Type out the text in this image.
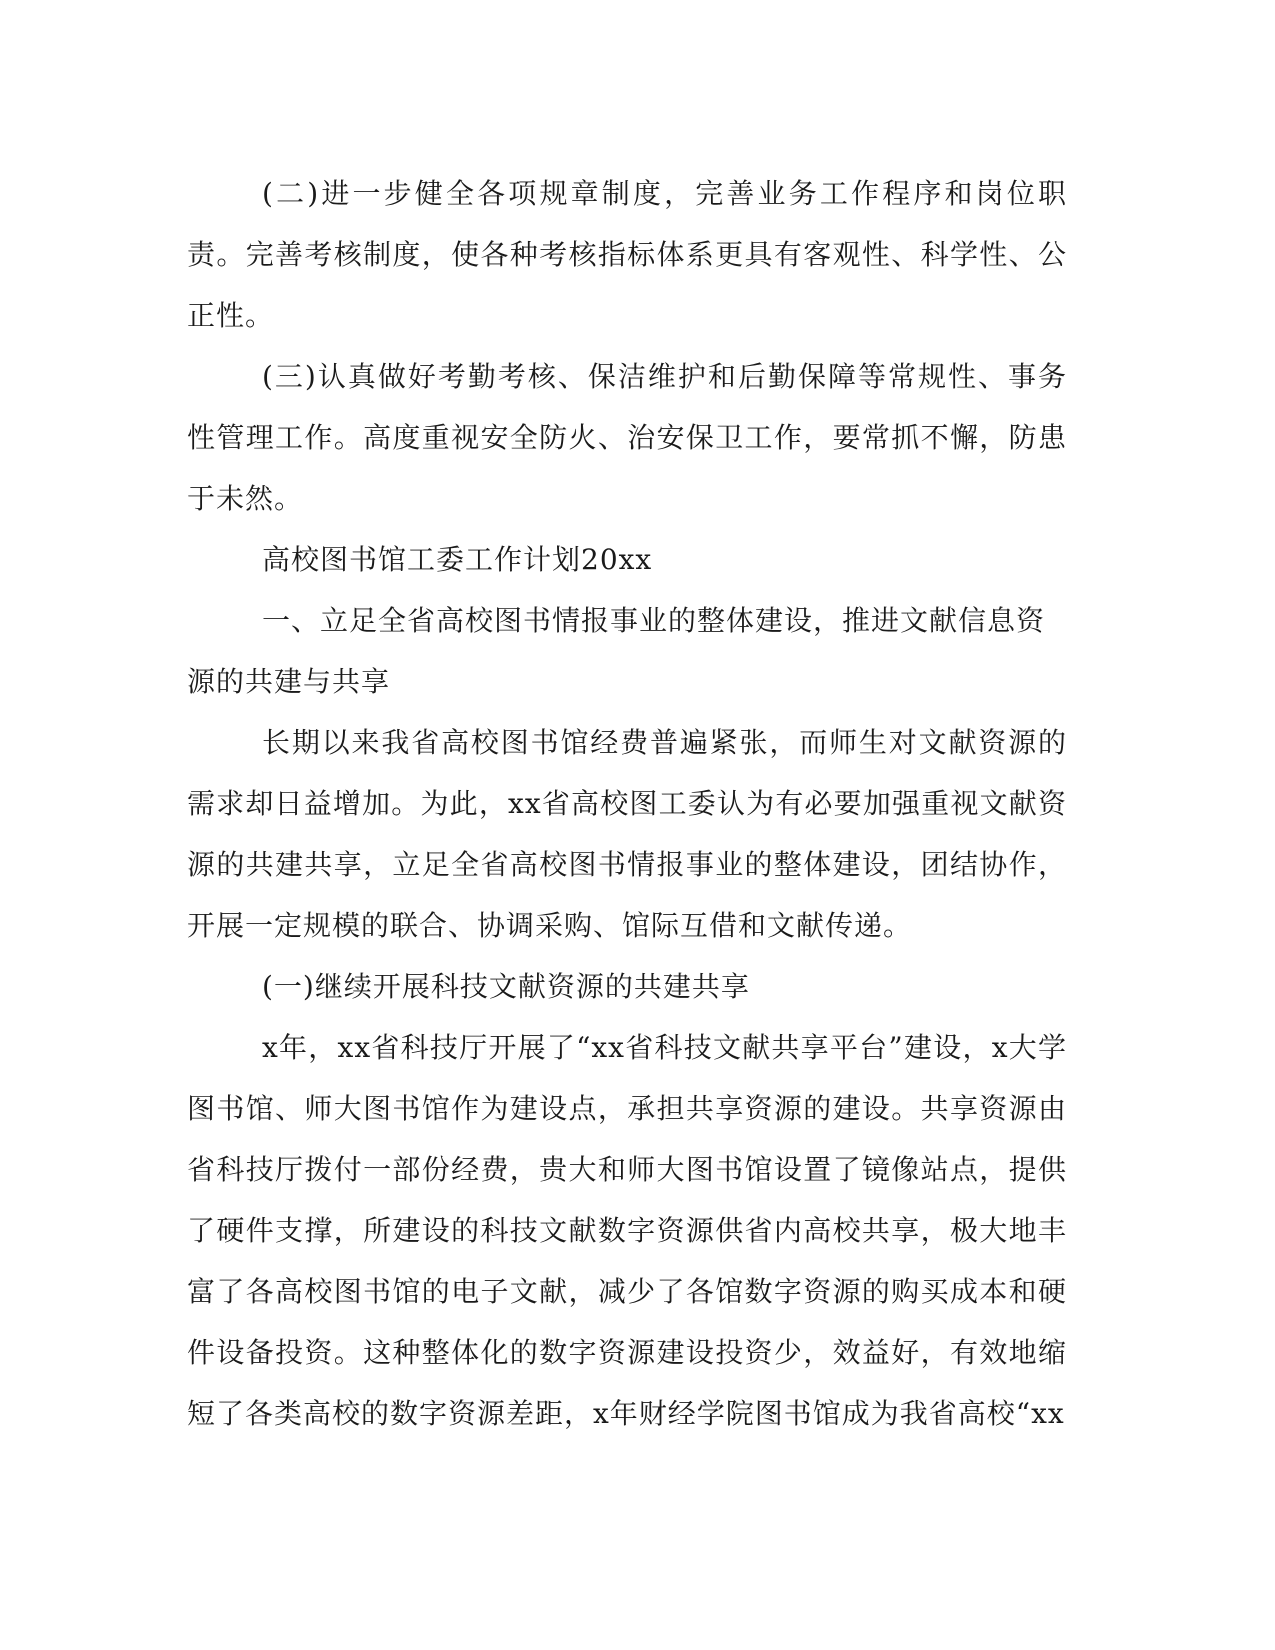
(二)进一步健全各项规章制度，完善业务工作程序和岗位职责。完善考核制度，使各种考核指标体系更具有客观性、科学性、公正性。

(三)认真做好考勤考核、保洁维护和后勤保障等常规性、事务性管理工作。高度重视安全防火、治安保卫工作，要常抓不懈，防患于未然。

高校图书馆工委工作计划20xx

一、立足全省高校图书情报事业的整体建设，推进文献信息资源的共建与共享

长期以来我省高校图书馆经费普遍紧张，而师生对文献资源的需求却日益增加。为此，xx省高校图工委认为有必要加强重视文献资源的共建共享，立足全省高校图书情报事业的整体建设，团结协作，开展一定规模的联合、协调采购、馆际互借和文献传递。

(一)继续开展科技文献资源的共建共享

x年，xx省科技厅开展了“xx省科技文献共享平台”建设，x大学图书馆、师大图书馆作为建设点，承担共享资源的建设。共享资源由省科技厅拨付一部份经费，贵大和师大图书馆设置了镜像站点，提供了硬件支撑，所建设的科技文献数字资源供省内高校共享，极大地丰富了各高校图书馆的电子文献，减少了各馆数字资源的购买成本和硬件设备投资。这种整体化的数字资源建设投资少，效益好，有效地缩短了各类高校的数字资源差距，x年财经学院图书馆成为我省高校“xx
